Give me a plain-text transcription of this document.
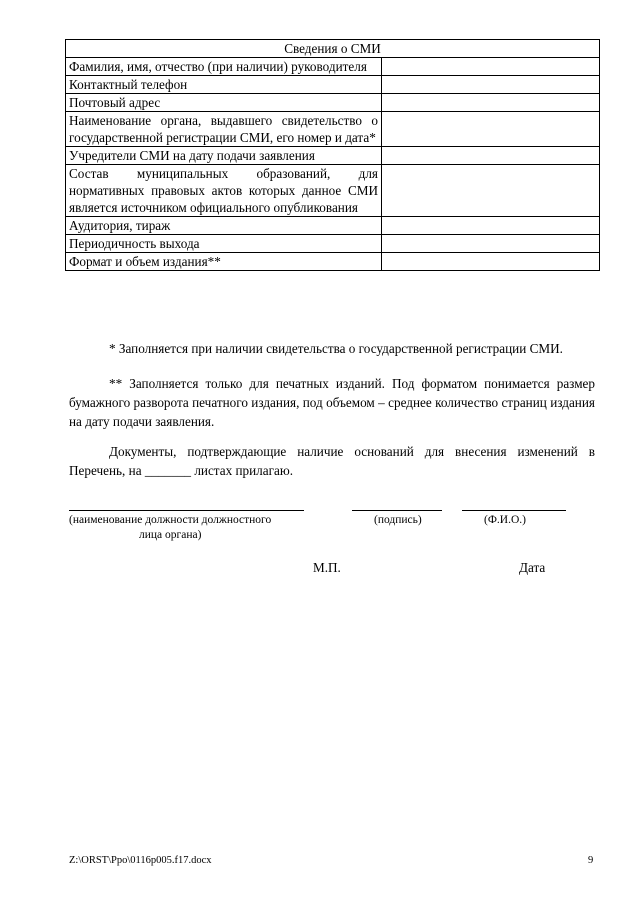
Сведения о СМИ	
Фамилия, имя, отчество (при наличии) руководителя	
Контактный телефон	
Почтовый адрес	
Наименование органа, выдавшего свидетельство о государственной регистрации СМИ, его номер и дата*	
Учредители СМИ на дату подачи заявления	
Состав муниципальных образований, для нормативных правовых актов которых данное СМИ является источником официального опубликования	
Аудитория, тираж	
Периодичность выхода	
Формат и объем издания**	
* Заполняется при наличии свидетельства о государственной регистрации СМИ.
** Заполняется только для печатных изданий. Под форматом понимается размер бумажного разворота печатного издания, под объемом – среднее количество страниц издания на дату подачи заявления.
Документы, подтверждающие наличие оснований для внесения изменений в Перечень, на _______ листах прилагаю.
(наименование должности должностного
лица органа)
(подпись)	(Ф.И.О.)
М.П.	Дата
Z:\ORST\Ppo\0116p005.f17.docx	9
